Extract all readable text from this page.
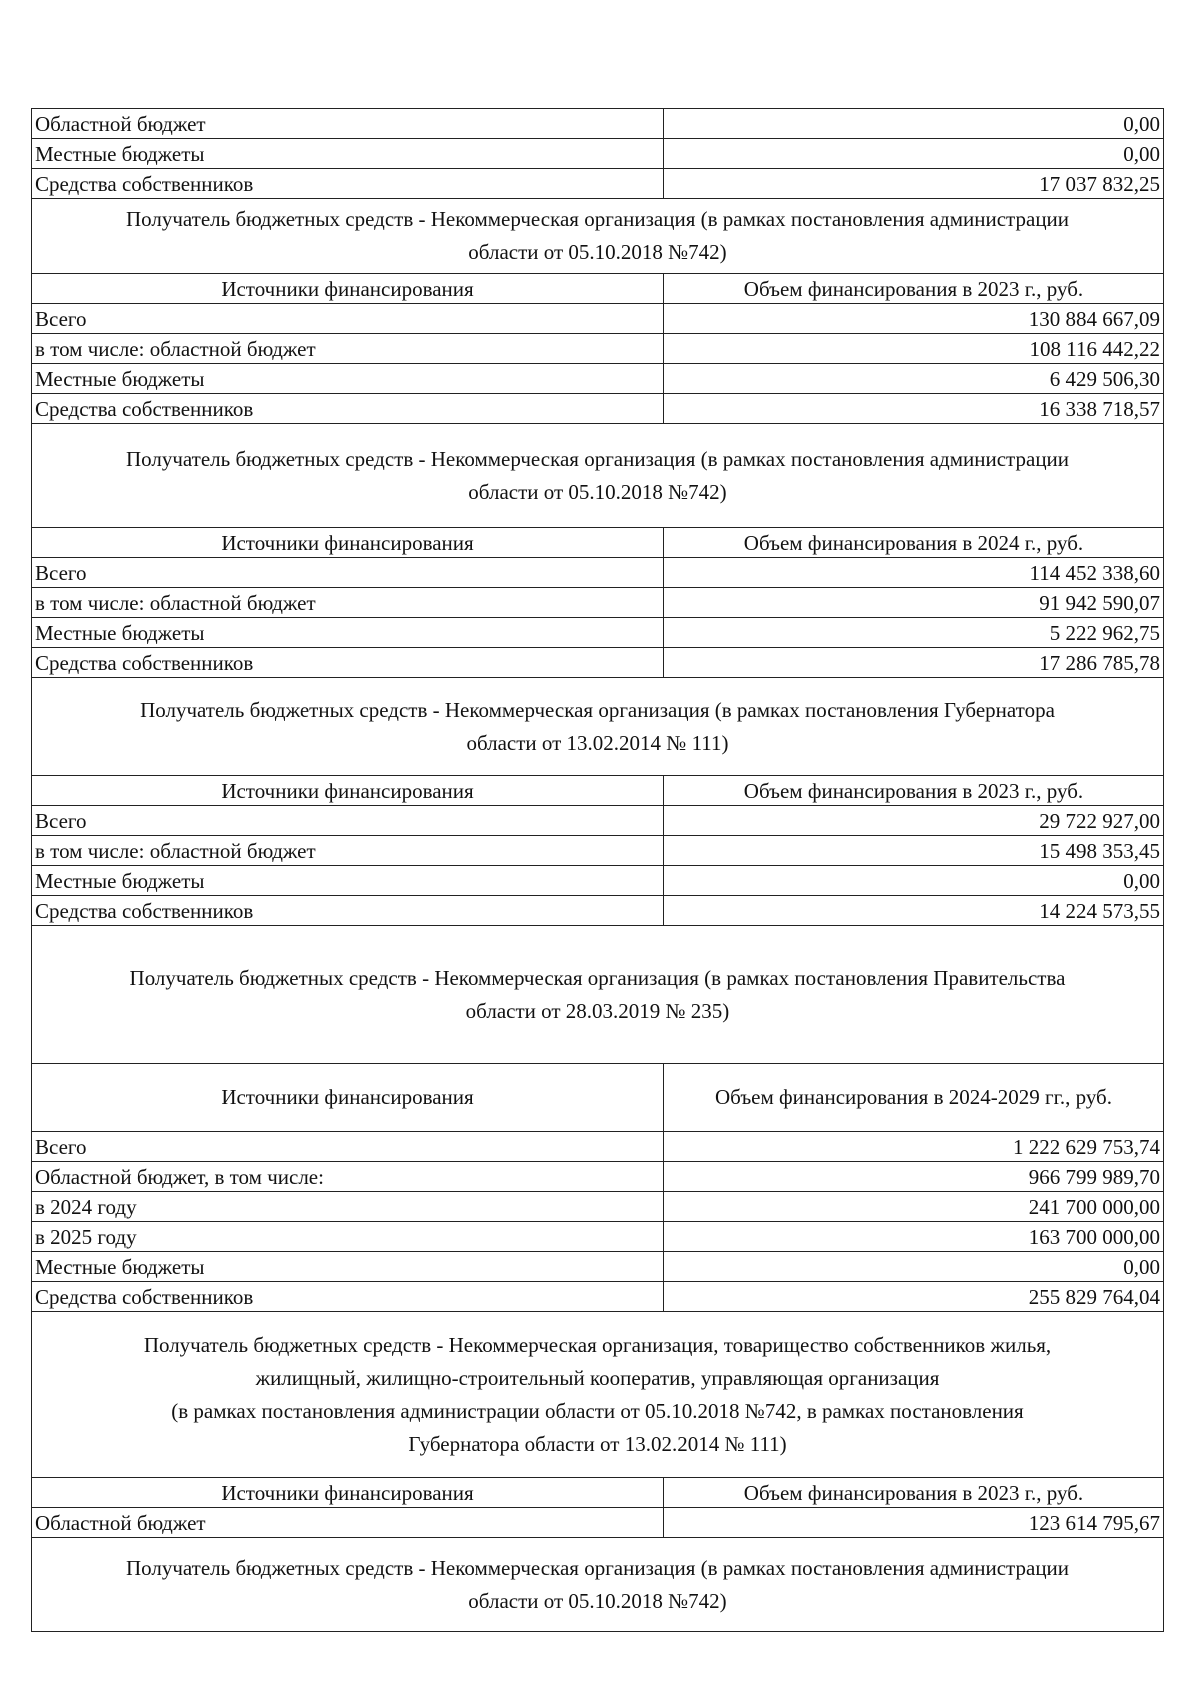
Областной бюджет	0,00
Местные бюджеты	0,00
Средства собственников	17 037 832,25

Получатель бюджетных средств - Некоммерческая организация (в рамках постановления администрации
области от 05.10.2018 №742)	

Источники финансирования	Объем финансирования в 2023 г., руб.
Всего	130 884 667,09
в том числе: областной бюджет	108 116 442,22
Местные бюджеты	6 429 506,30
Средства собственников	16 338 718,57

Получатель бюджетных средств - Некоммерческая организация (в рамках постановления администрации
области от 05.10.2018 №742)	

Источники финансирования	Объем финансирования в 2024 г., руб.
Всего	114 452 338,60
в том числе: областной бюджет	91 942 590,07
Местные бюджеты	5 222 962,75
Средства собственников	17 286 785,78

Получатель бюджетных средств - Некоммерческая организация (в рамках постановления Губернатора
области от 13.02.2014 № 111)	

Источники финансирования	Объем финансирования в 2023 г., руб.
Всего	29 722 927,00
в том числе: областной бюджет	15 498 353,45
Местные бюджеты	0,00
Средства собственников	14 224 573,55

Получатель бюджетных средств - Некоммерческая организация (в рамках постановления Правительства
области от 28.03.2019 № 235)	

Источники финансирования	Объем финансирования в 2024-2029 гг., руб.
Всего	1 222 629 753,74
Областной бюджет, в том числе:	966 799 989,70
в 2024 году	241 700 000,00
в 2025 году	163 700 000,00
Местные бюджеты	0,00
Средства собственников	255 829 764,04

Получатель бюджетных средств - Некоммерческая организация, товарищество собственников жилья,
жилищный, жилищно-строительный кооператив, управляющая организация
(в рамках постановления администрации области от 05.10.2018 №742, в рамках постановления
Губернатора области от 13.02.2014 № 111)	

Источники финансирования	Объем финансирования в 2023 г., руб.
Областной бюджет	123 614 795,67

Получатель бюджетных средств - Некоммерческая организация (в рамках постановления администрации
области от 05.10.2018 №742)	
